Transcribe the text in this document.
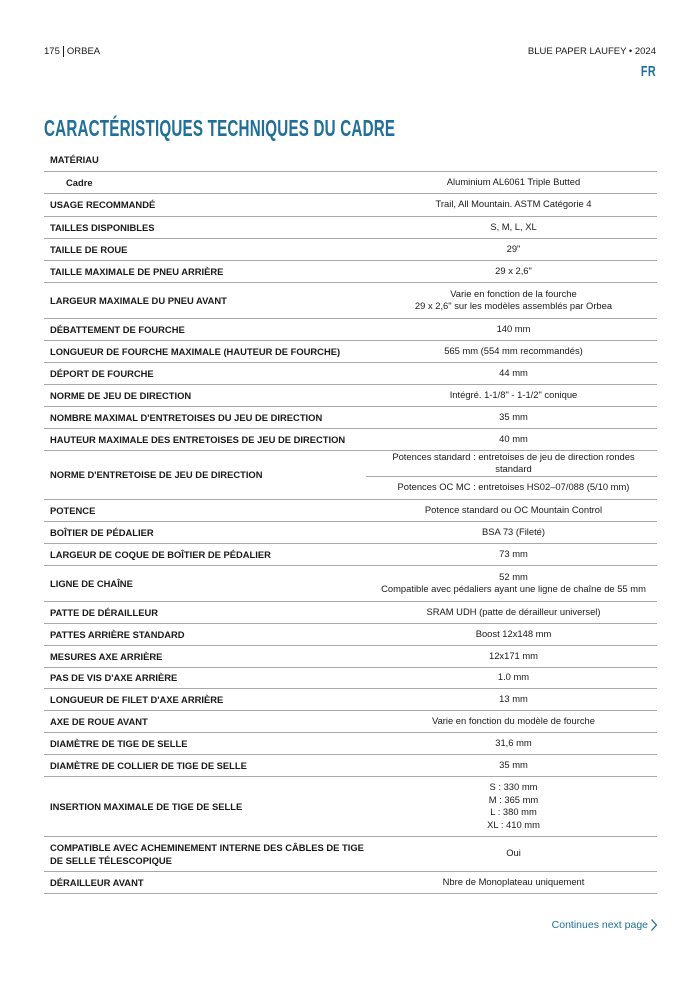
175 ORBEA	BLUE PAPER LAUFEY • 2024
FR
CARACTÉRISTIQUES TECHNIQUES DU CADRE
MATÉRIAU	
Cadre	Aluminium AL6061 Triple Butted
USAGE RECOMMANDÉ	Trail, All Mountain. ASTM Catégorie 4
TAILLES DISPONIBLES	S, M, L, XL
TAILLE DE ROUE	29"
TAILLE MAXIMALE DE PNEU ARRIÈRE	29 x 2,6"
LARGEUR MAXIMALE DU PNEU AVANT	Varie en fonction de la fourche
29 x 2,6" sur les modèles assemblés par Orbea

DÉBATTEMENT DE FOURCHE	140 mm
LONGUEUR DE FOURCHE MAXIMALE (HAUTEUR DE FOURCHE)	565 mm (554 mm recommandés)
DÉPORT DE FOURCHE	44 mm
NORME DE JEU DE DIRECTION	Intégré. 1-1/8" - 1-1/2" conique
NOMBRE MAXIMAL D'ENTRETOISES DU JEU DE DIRECTION	35 mm
HAUTEUR MAXIMALE DES ENTRETOISES DE JEU DE DIRECTION	40 mm
NORME D'ENTRETOISE DE JEU DE DIRECTION	Potences standard : entretoises de jeu de direction rondes standard
	Potences OC MC : entretoises HS02–07/088 (5/10 mm)
POTENCE	Potence standard ou OC Mountain Control
BOÎTIER DE PÉDALIER	BSA 73 (Fileté)
LARGEUR DE COQUE DE BOÎTIER DE PÉDALIER	73 mm
LIGNE DE CHAÎNE	52 mm
Compatible avec pédaliers ayant une ligne de chaîne de 55 mm

PATTE DE DÉRAILLEUR	SRAM UDH (patte de dérailleur universel)
PATTES ARRIÈRE STANDARD	Boost 12x148 mm
MESURES AXE ARRIÈRE	12x171 mm
PAS DE VIS D'AXE ARRIÈRE	1.0 mm
LONGUEUR DE FILET D'AXE ARRIÈRE	13 mm
AXE DE ROUE AVANT	Varie en fonction du modèle de fourche
DIAMÈTRE DE TIGE DE SELLE	31,6 mm
DIAMÈTRE DE COLLIER DE TIGE DE SELLE	35 mm
INSERTION MAXIMALE DE TIGE DE SELLE	S : 330 mm
M : 365 mm
L : 380 mm
XL : 410 mm

COMPATIBLE AVEC ACHEMINEMENT INTERNE DES CÂBLES DE TIGE DE SELLE TÉLESCOPIQUE	Oui
DÉRAILLEUR AVANT	Nbre de Monoplateau uniquement
Continues next page
